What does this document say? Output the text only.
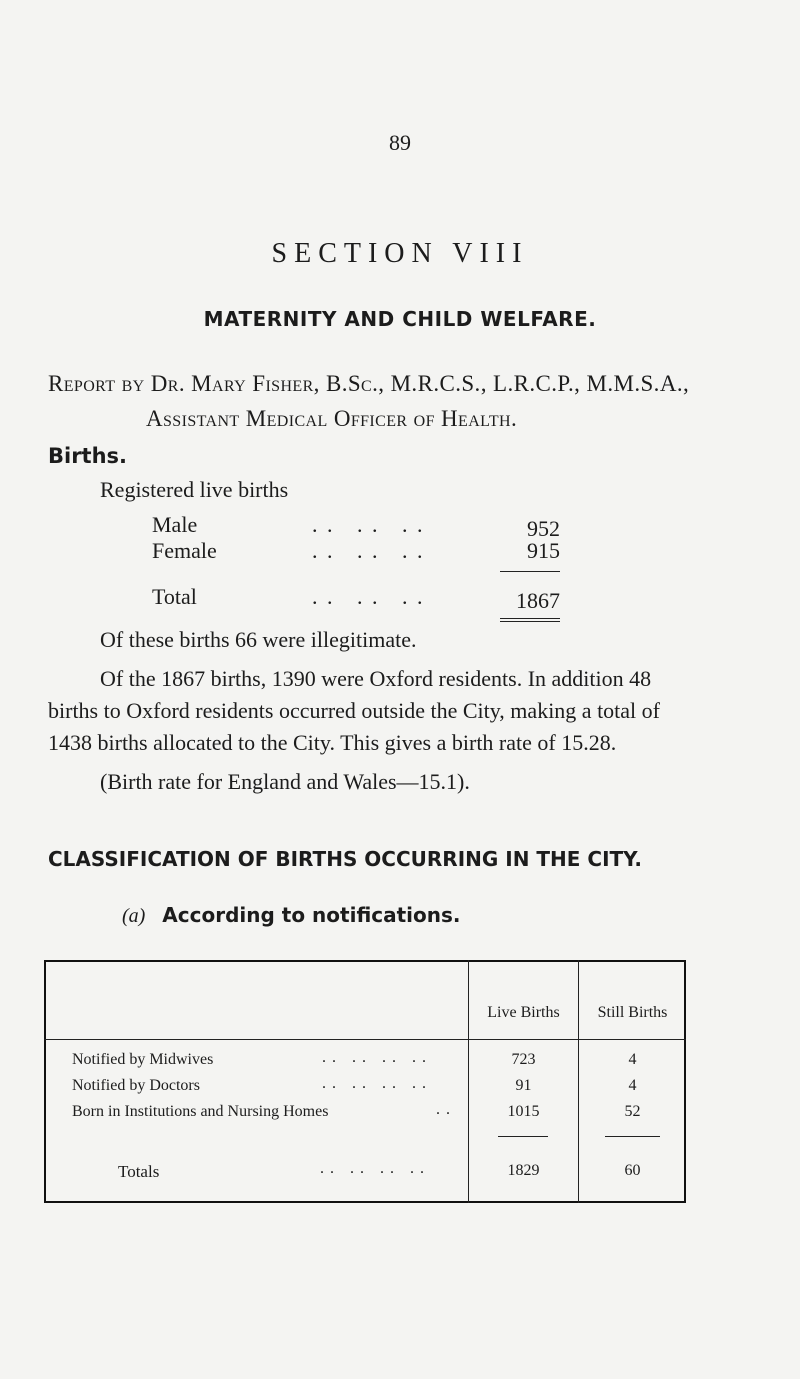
89
SECTION VIII
MATERNITY AND CHILD WELFARE.
Report by Dr. Mary Fisher, B.Sc., M.R.C.S., L.R.C.P., M.M.S.A.,
Assistant Medical Officer of Health.
Births.
Registered live births
Male	. .   . .   . .	952
Female	. .   . .   . .	915
Total	. .   . .   . .	1867
Of these births 66 were illegitimate.
Of the 1867 births, 1390 were Oxford residents. In addition 48
births to Oxford residents occurred outside the City, making a total of
1438 births allocated to the City. This gives a birth rate of 15.28.
(Birth rate for England and Wales—15.1).
CLASSIFICATION OF BIRTHS OCCURRING IN THE CITY.
(a) According to notifications.
Live Births	Still Births
Notified by Midwives	. .   . .   . .   . .	723	4
Notified by Doctors	. .   . .   . .   . .	91	4
Born in Institutions and Nursing Homes	. .	1015	52
Totals	. .   . .   . .   . .	1829	60
